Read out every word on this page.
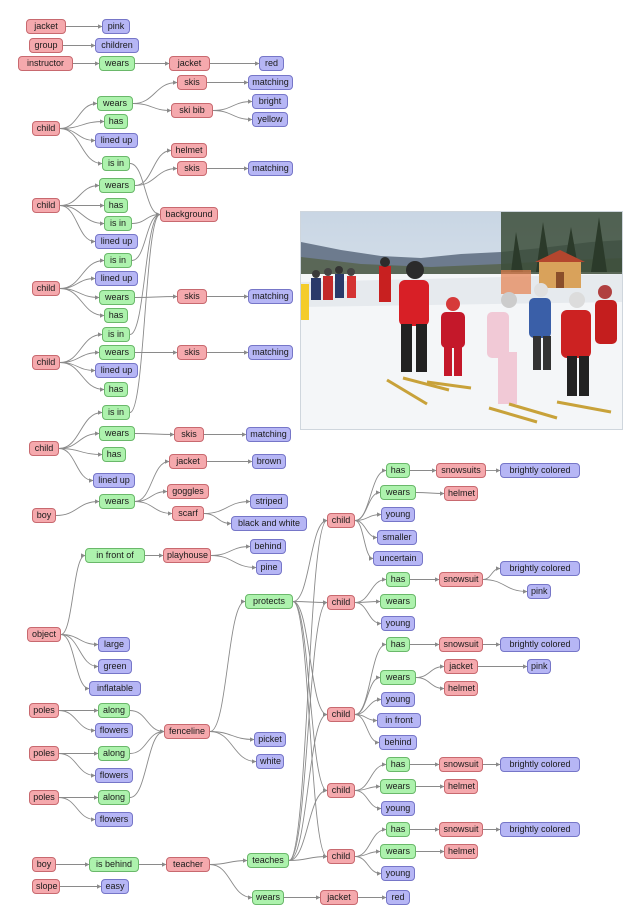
jacket	pink
group	children
instructor	wears	jacket	red
skis	matching
wears
ski bib
bright
child
has	yellow
lined up
helmet
is in	skis	matching
wears
child	has
is in
background
lined up
is in
lined up
child
wears	skis	matching
has
is in
child
wears	skis	matching
lined up
has
is in
wears	skis	matching
child
has
jacket	brown
lined up
goggles
wears	striped
boy	scarf
black and white
has	snowsuits	brightly colored
wears	helmet
child
young
smaller
behind
in front of	playhouse	uncertain
pine
has	snowsuit
brightly colored
pink
protects	child	wears
object
young
large	has	snowsuit	brightly colored
green	jacket	pink
wears
inflatable	helmet
young
poles	along	child
in front
flowers	fenceline
picket	behind
poles	along
white	has	snowsuit	brightly colored
flowers
wears	helmet
child
poles	along
young
flowers
has	snowsuit	brightly colored
wears	helmet
child
boy	is behind	teacher	teaches
young
slope	easy
wears	jacket	red
